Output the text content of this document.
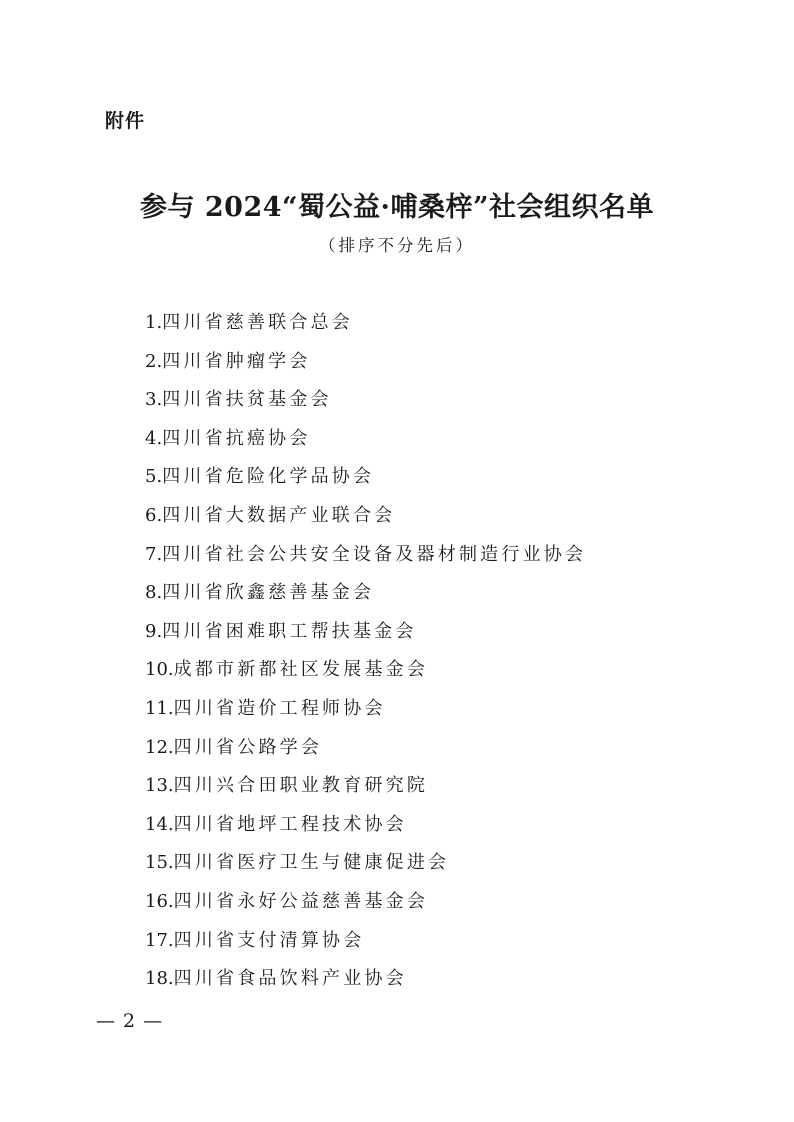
附件
参与 2024“蜀公益·哺桑梓”社会组织名单
（排序不分先后）
1.四川省慈善联合总会
2.四川省肿瘤学会
3.四川省扶贫基金会
4.四川省抗癌协会
5.四川省危险化学品协会
6.四川省大数据产业联合会
7.四川省社会公共安全设备及器材制造行业协会
8.四川省欣鑫慈善基金会
9.四川省困难职工帮扶基金会
10.成都市新都社区发展基金会
11.四川省造价工程师协会
12.四川省公路学会
13.四川兴合田职业教育研究院
14.四川省地坪工程技术协会
15.四川省医疗卫生与健康促进会
16.四川省永好公益慈善基金会
17.四川省支付清算协会
18.四川省食品饮料产业协会
— 2 —
